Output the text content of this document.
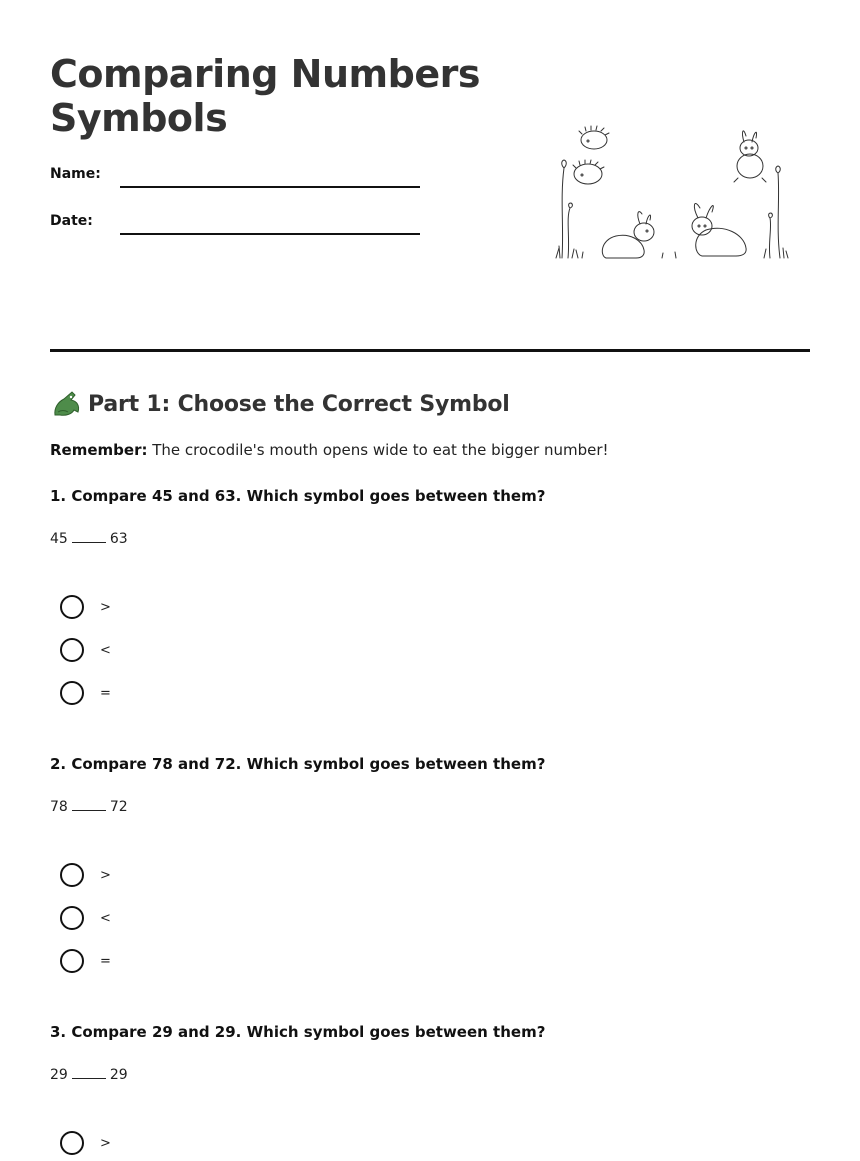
Comparing Numbers Symbols
Name:
Date:
Part 1: Choose the Correct Symbol
Remember: The crocodile's mouth opens wide to eat the bigger number!
1. Compare 45 and 63. Which symbol goes between them?
45	63
>
<
=
2. Compare 78 and 72. Which symbol goes between them?
78	72
>
<
=
3. Compare 29 and 29. Which symbol goes between them?
29	29
>
